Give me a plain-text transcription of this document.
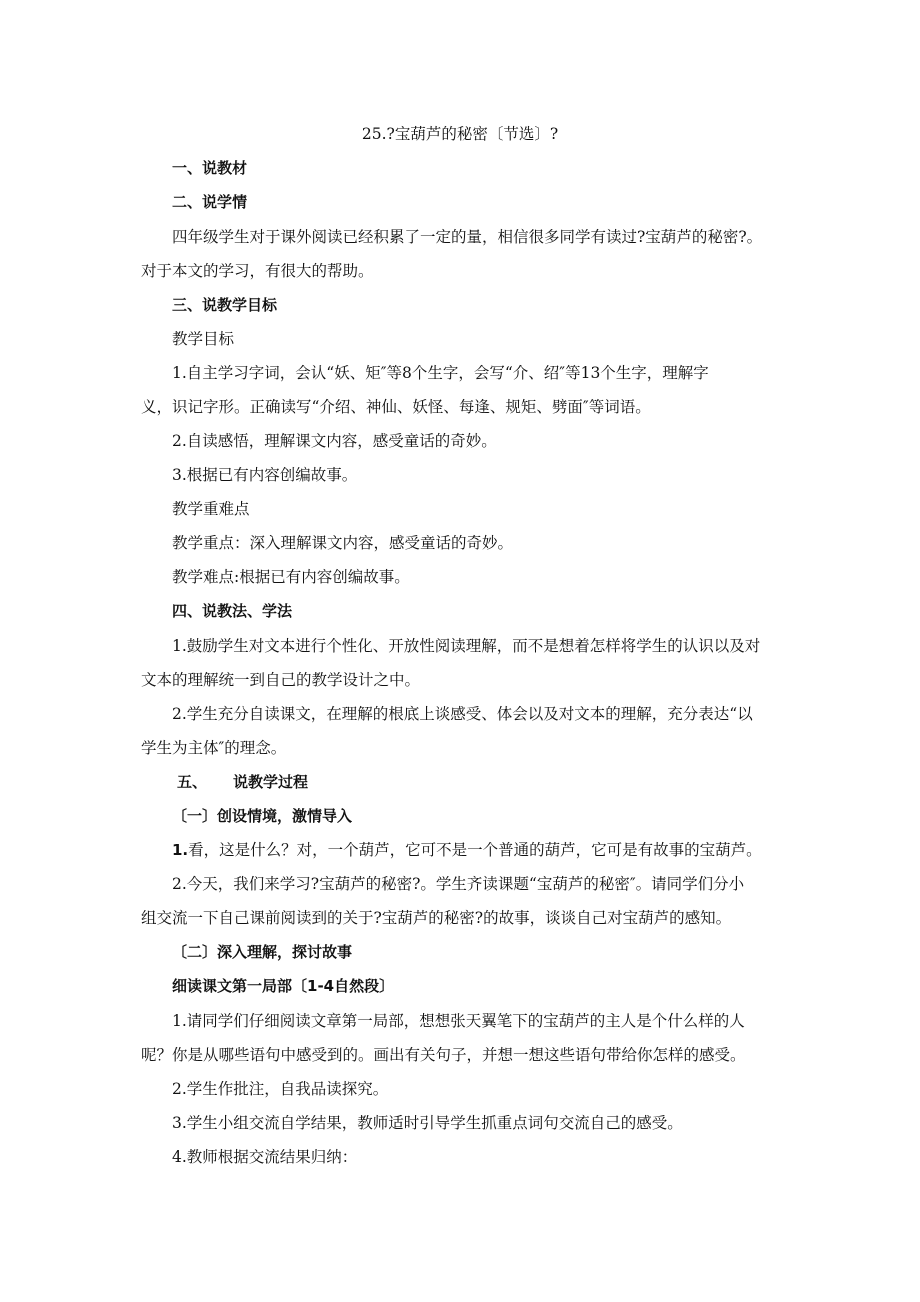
25.?宝葫芦的秘密〔节选〕?
一、说教材
二、说学情
四年级学生对于课外阅读已经积累了一定的量，相信很多同学有读过?宝葫芦的秘密?。
对于本文的学习，有很大的帮助。
三、说教学目标
教学目标
1.自主学习字词，会认“妖、矩″等8个生字，会写“介、绍″等13个生字，理解字
义，识记字形。正确读写“介绍、神仙、妖怪、每逢、规矩、劈面″等词语。
2.自读感悟，理解课文内容，感受童话的奇妙。
3.根据已有内容创编故事。
教学重难点
教学重点：深入理解课文内容，感受童话的奇妙。
教学难点:根据已有内容创编故事。
四、说教法、学法
1.鼓励学生对文本进行个性化、开放性阅读理解，而不是想着怎样将学生的认识以及对
文本的理解统一到自己的教学设计之中。
2.学生充分自读课文，在理解的根底上谈感受、体会以及对文本的理解，充分表达“以
学生为主体″的理念。
五、 说教学过程
〔一〕创设情境，激情导入
1.看，这是什么？对，一个葫芦，它可不是一个普通的葫芦，它可是有故事的宝葫芦。
2.今天，我们来学习?宝葫芦的秘密?。学生齐读课题“宝葫芦的秘密″。请同学们分小
组交流一下自己课前阅读到的关于?宝葫芦的秘密?的故事，谈谈自己对宝葫芦的感知。
〔二〕深入理解，探讨故事
细读课文第一局部〔1-4自然段〕
1.请同学们仔细阅读文章第一局部，想想张天翼笔下的宝葫芦的主人是个什么样的人
呢？你是从哪些语句中感受到的。画出有关句子，并想一想这些语句带给你怎样的感受。
2.学生作批注，自我品读探究。
3.学生小组交流自学结果，教师适时引导学生抓重点词句交流自己的感受。
4.教师根据交流结果归纳：
